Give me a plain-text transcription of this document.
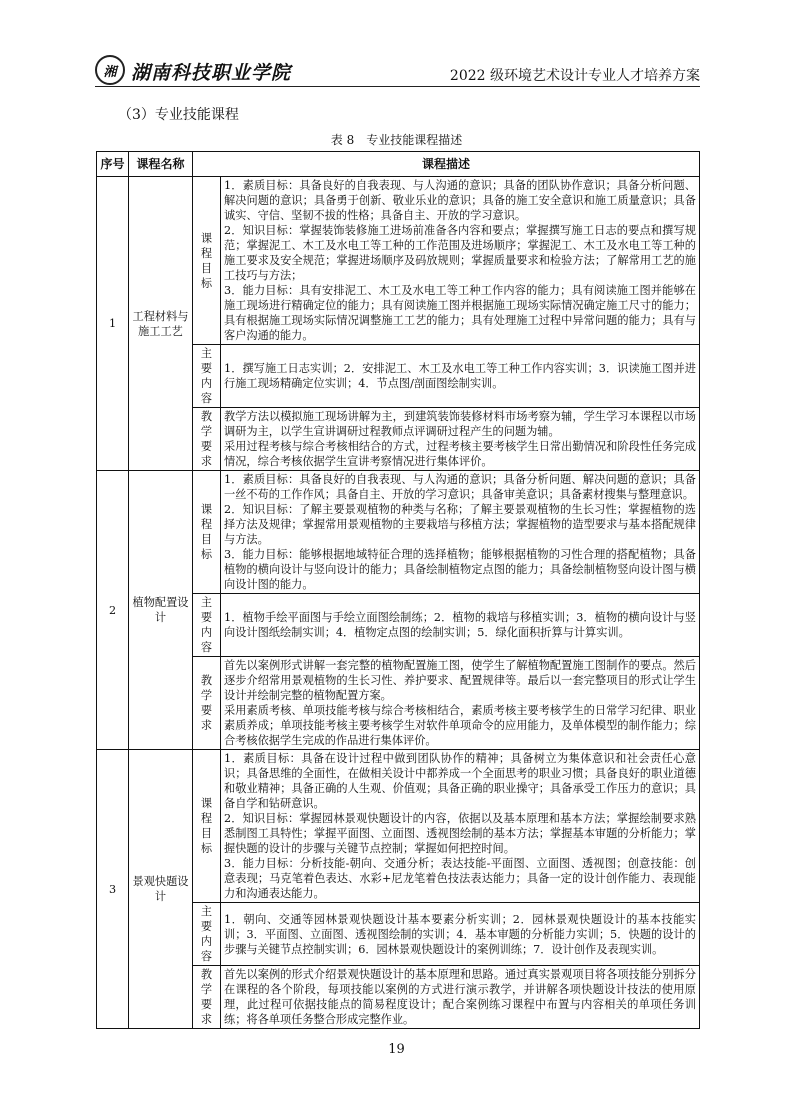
湘 湖南科技职业学院	2022 级环境艺术设计专业人才培养方案
（3）专业技能课程
表 8　专业技能课程描述
序号	课程名称	课程描述	
1	工程材料与施工工艺	课程目标	1．素质目标：具备良好的自我表现、与人沟通的意识；具备的团队协作意识；具备分析问题、解决问题的意识；具备勇于创新、敬业乐业的意识；具备的施工安全意识和施工质量意识；具备诚实、守信、坚韧不拔的性格；具备自主、开放的学习意识。
2．知识目标：掌握装饰装修施工进场前准备各内容和要点；掌握撰写施工日志的要点和撰写规范；掌握泥工、木工及水电工等工种的工作范围及进场顺序；掌握泥工、木工及水电工等工种的施工要求及安全规范；掌握进场顺序及码放规则；掌握质量要求和检验方法；了解常用工艺的施工技巧与方法；
3．能力目标：具有安排泥工、木工及水电工等工种工作内容的能力；具有阅读施工图并能够在施工现场进行精确定位的能力；具有阅读施工图并根据施工现场实际情况确定施工尺寸的能力；具有根据施工现场实际情况调整施工工艺的能力；具有处理施工过程中异常问题的能力；具有与客户沟通的能力。

		主要内容	1．撰写施工日志实训；2．安排泥工、木工及水电工等工种工作内容实训；3．识读施工图并进行施工现场精确定位实训；4．节点图/剖面图绘制实训。
		教学要求	教学方法以模拟施工现场讲解为主，到建筑装饰装修材料市场考察为辅，学生学习本课程以市场调研为主，以学生宣讲调研过程教师点评调研过程产生的问题为辅。
采用过程考核与综合考核相结合的方式，过程考核主要考核学生日常出勤情况和阶段性任务完成情况，综合考核依据学生宣讲考察情况进行集体评价。

2	植物配置设计	课程目标	1．素质目标：具备良好的自我表现、与人沟通的意识；具备分析问题、解决问题的意识；具备一丝不苟的工作作风；具备自主、开放的学习意识；具备审美意识；具备素材搜集与整理意识。
2．知识目标：了解主要景观植物的种类与名称；了解主要景观植物的生长习性；掌握植物的选择方法及规律；掌握常用景观植物的主要栽培与移植方法；掌握植物的造型要求与基本搭配规律与方法。
3．能力目标：能够根据地域特征合理的选择植物；能够根据植物的习性合理的搭配植物；具备植物的横向设计与竖向设计的能力；具备绘制植物定点图的能力；具备绘制植物竖向设计图与横向设计图的能力。

		主要内容	1．植物手绘平面图与手绘立面图绘制练；2．植物的栽培与移植实训；3．植物的横向设计与竖向设计图纸绘制实训；4．植物定点图的绘制实训；5．绿化面积折算与计算实训。
		教学要求	首先以案例形式讲解一套完整的植物配置施工图，使学生了解植物配置施工图制作的要点。然后逐步介绍常用景观植物的生长习性、养护要求、配置规律等。最后以一套完整项目的形式让学生设计并绘制完整的植物配置方案。
采用素质考核、单项技能考核与综合考核相结合，素质考核主要考核学生的日常学习纪律、职业素质养成；单项技能考核主要考核学生对软件单项命令的应用能力，及单体模型的制作能力；综合考核依据学生完成的作品进行集体评价。

3	景观快题设计	课程目标	1．素质目标：具备在设计过程中做到团队协作的精神；具备树立为集体意识和社会责任心意识；具备思维的全面性，在做相关设计中都养成一个全面思考的职业习惯；具备良好的职业道德和敬业精神；具备正确的人生观、价值观；具备正确的职业操守；具备承受工作压力的意识；具备自学和钻研意识。
2．知识目标：掌握园林景观快题设计的内容，依据以及基本原理和基本方法；掌握绘制要求熟悉制图工具特性；掌握平面图、立面图、透视图绘制的基本方法；掌握基本审题的分析能力；掌握快题的设计的步骤与关键节点控制；掌握如何把控时间。
3．能力目标：分析技能-朝向、交通分析；表达技能-平面图、立面图、透视图；创意技能：创意表现；马克笔着色表达、水彩+尼龙笔着色技法表达能力；具备一定的设计创作能力、表现能力和沟通表达能力。

		主要内容	1．朝向、交通等园林景观快题设计基本要素分析实训；2．园林景观快题设计的基本技能实训；3．平面图、立面图、透视图绘制的实训；4．基本审题的分析能力实训；5．快题的设计的步骤与关键节点控制实训；6．园林景观快题设计的案例训练；7．设计创作及表现实训。
		教学要求	首先以案例的形式介绍景观快题设计的基本原理和思路。通过真实景观项目将各项技能分别拆分在课程的各个阶段，每项技能以案例的方式进行演示教学，并讲解各项快题设计技法的使用原理，此过程可依据技能点的简易程度设计；配合案例练习课程中布置与内容相关的单项任务训练；将各单项任务整合形成完整作业。
19
